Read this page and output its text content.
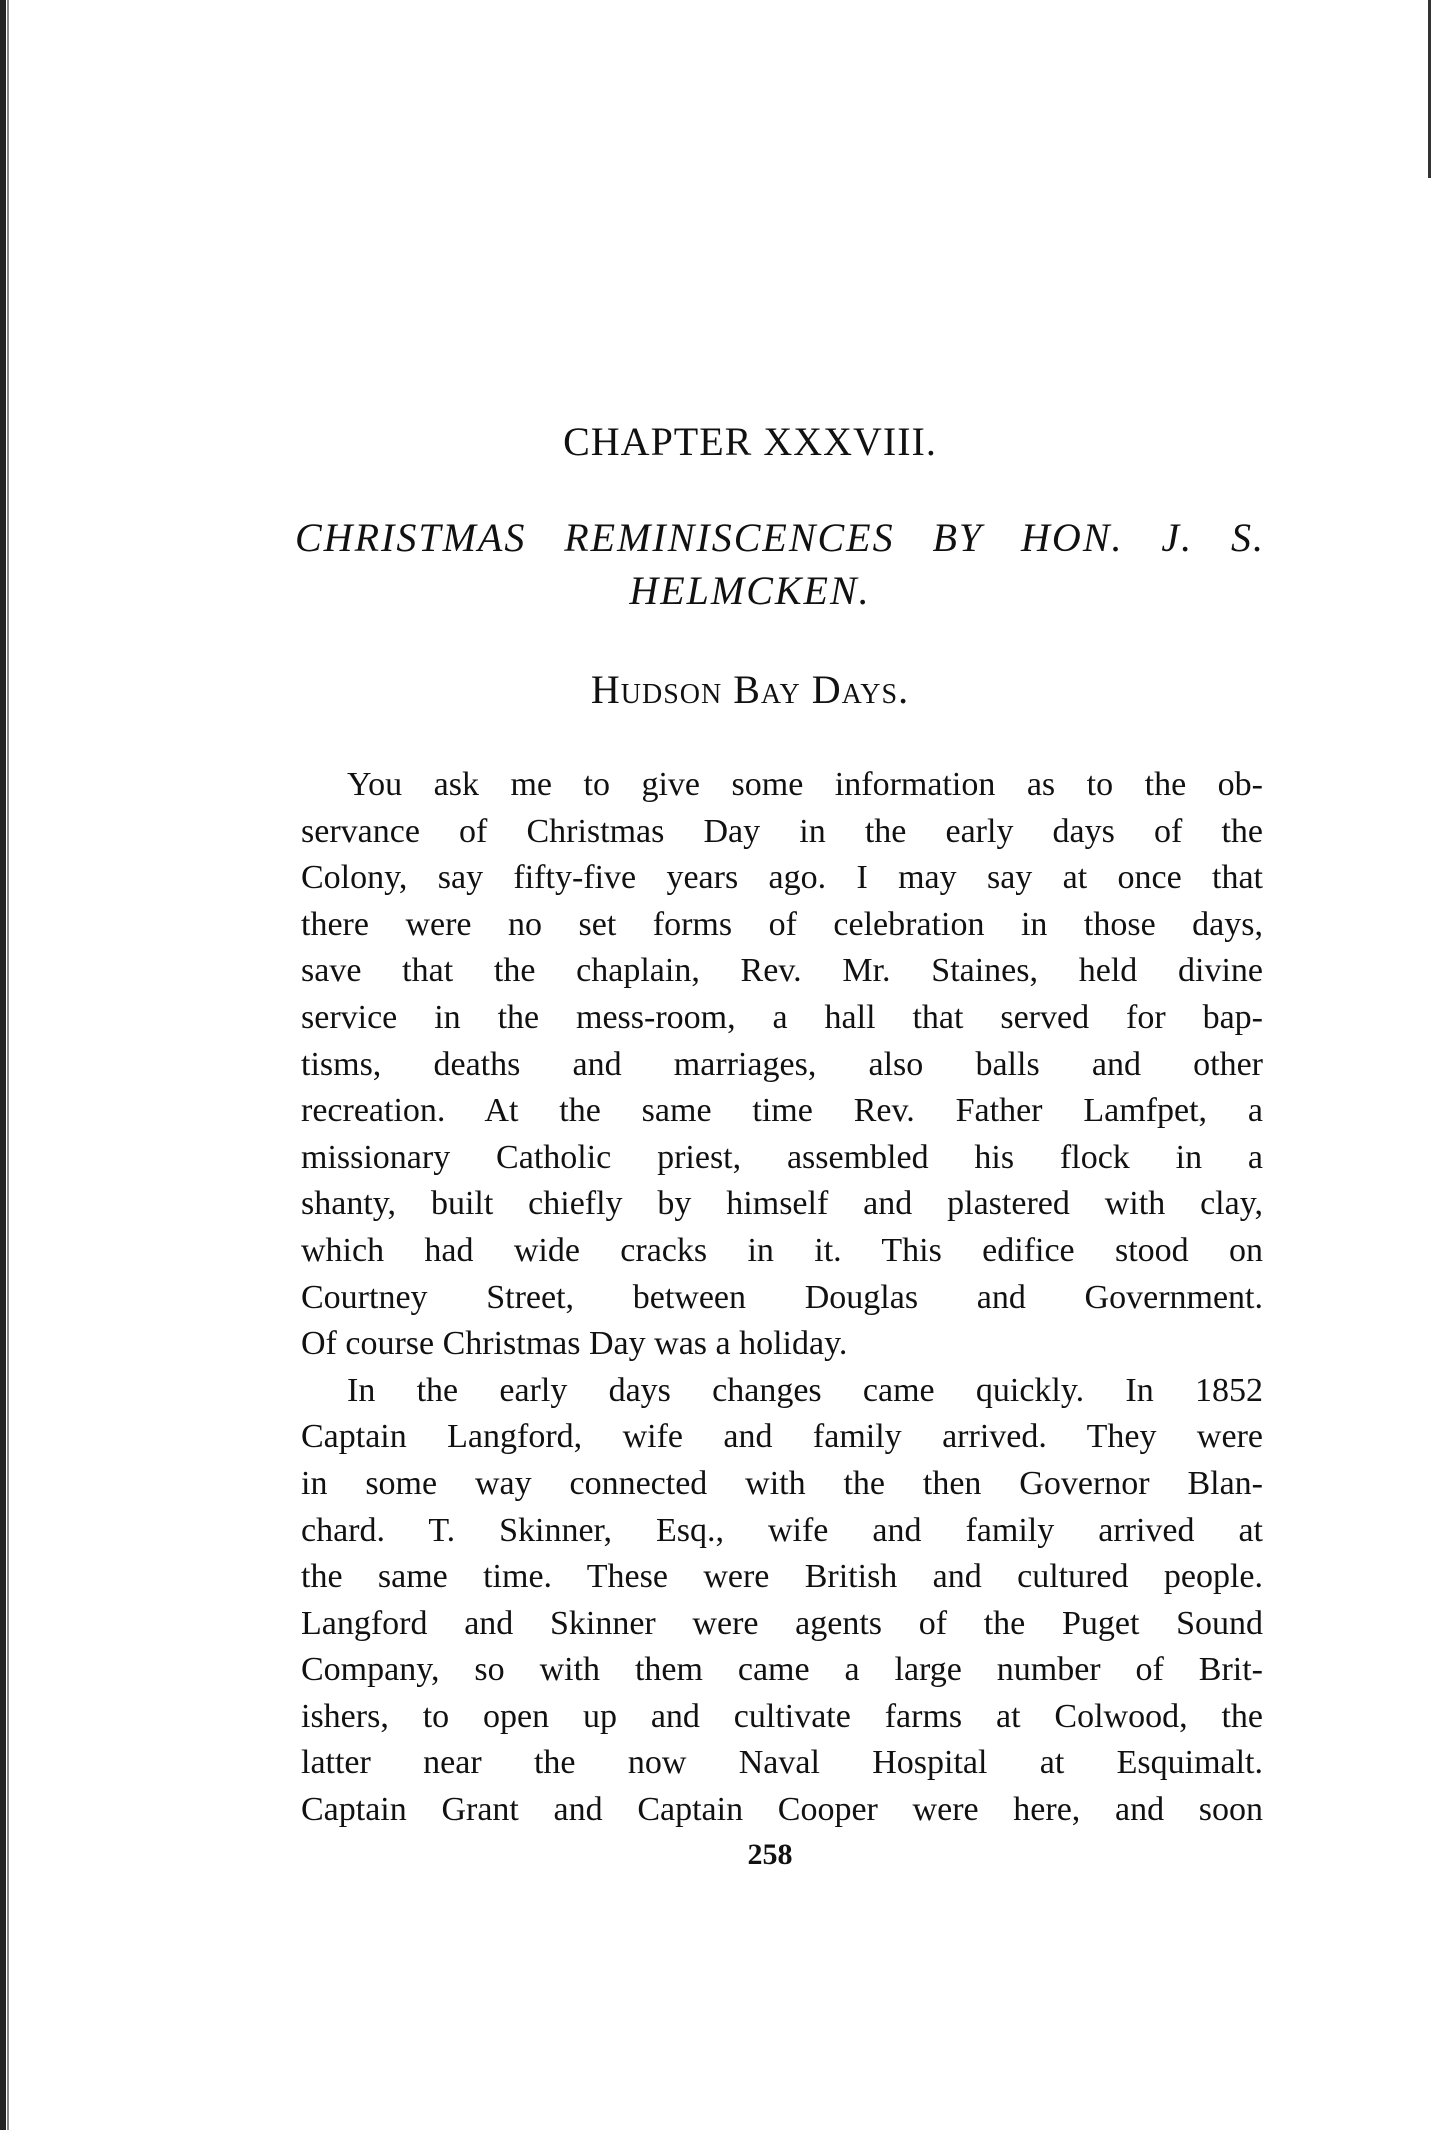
CHAPTER XXXVIII.
CHRISTMAS REMINISCENCES BY HON. J. S.
HELMCKEN.
Hudson Bay Days.
You ask me to give some information as to the ob-
servance of Christmas Day in the early days of the
Colony, say fifty-five years ago. I may say at once that
there were no set forms of celebration in those days,
save that the chaplain, Rev. Mr. Staines, held divine
service in the mess-room, a hall that served for bap-
tisms, deaths and marriages, also balls and other
recreation. At the same time Rev. Father Lamfpet, a
missionary Catholic priest, assembled his flock in a
shanty, built chiefly by himself and plastered with clay,
which had wide cracks in it. This edifice stood on
Courtney Street, between Douglas and Government.
Of course Christmas Day was a holiday.
In the early days changes came quickly. In 1852
Captain Langford, wife and family arrived. They were
in some way connected with the then Governor Blan-
chard. T. Skinner, Esq., wife and family arrived at
the same time. These were British and cultured people.
Langford and Skinner were agents of the Puget Sound
Company, so with them came a large number of Brit-
ishers, to open up and cultivate farms at Colwood, the
latter near the now Naval Hospital at Esquimalt.
Captain Grant and Captain Cooper were here, and soon
258
